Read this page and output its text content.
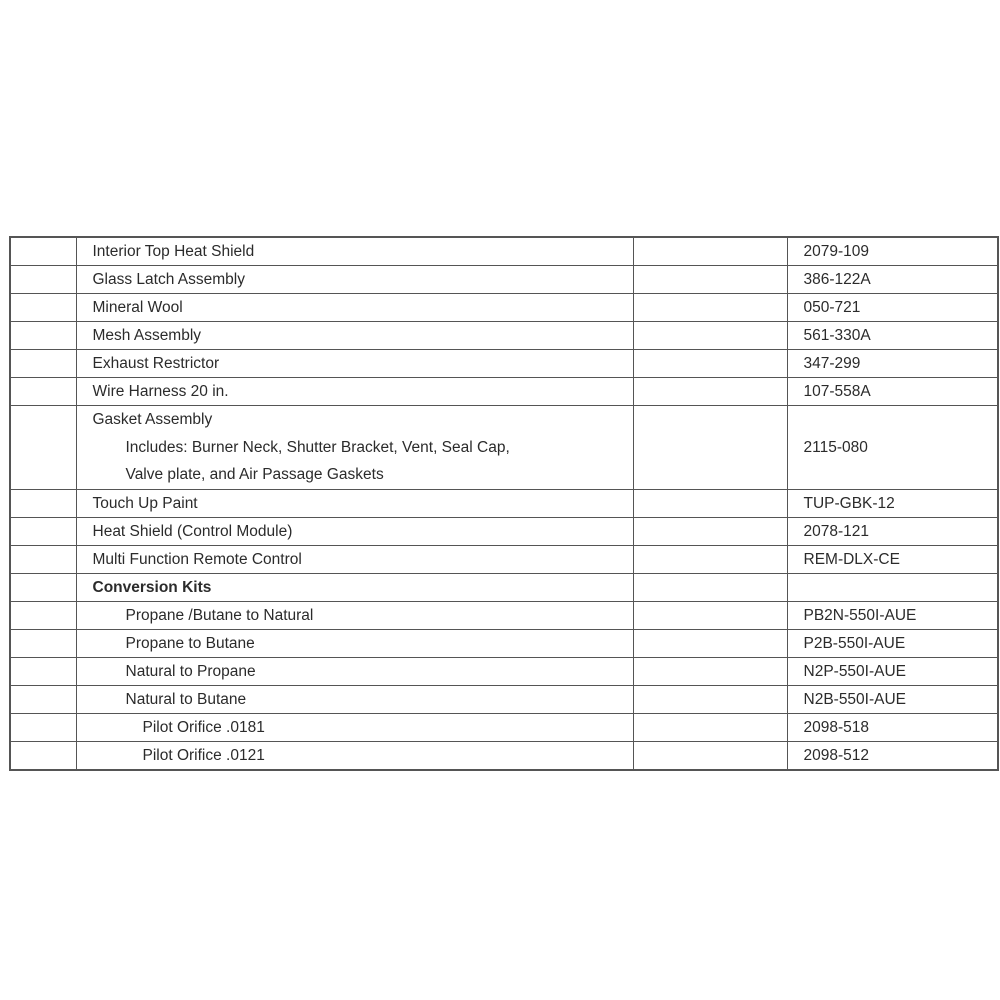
	Interior Top Heat Shield		2079-109
	Glass Latch Assembly		386-122A
	Mineral Wool		050-721
	Mesh Assembly		561-330A
	Exhaust Restrictor		347-299
	Wire Harness 20 in.		107-558A

	Gasket Assembly
Includes: Burner Neck, Shutter Bracket, Vent, Seal Cap,
Valve plate, and Air Passage Gaskets		2115-080
	Touch Up Paint		TUP-GBK-12
	Heat Shield (Control Module)		2078-121
	Multi Function Remote Control		REM-DLX-CE
	Conversion Kits		
	Propane /Butane to Natural		PB2N-550I-AUE
	Propane to Butane		P2B-550I-AUE
	Natural to Propane		N2P-550I-AUE
	Natural to Butane		N2B-550I-AUE
	Pilot Orifice .0181		2098-518
	Pilot Orifice .0121		2098-512
